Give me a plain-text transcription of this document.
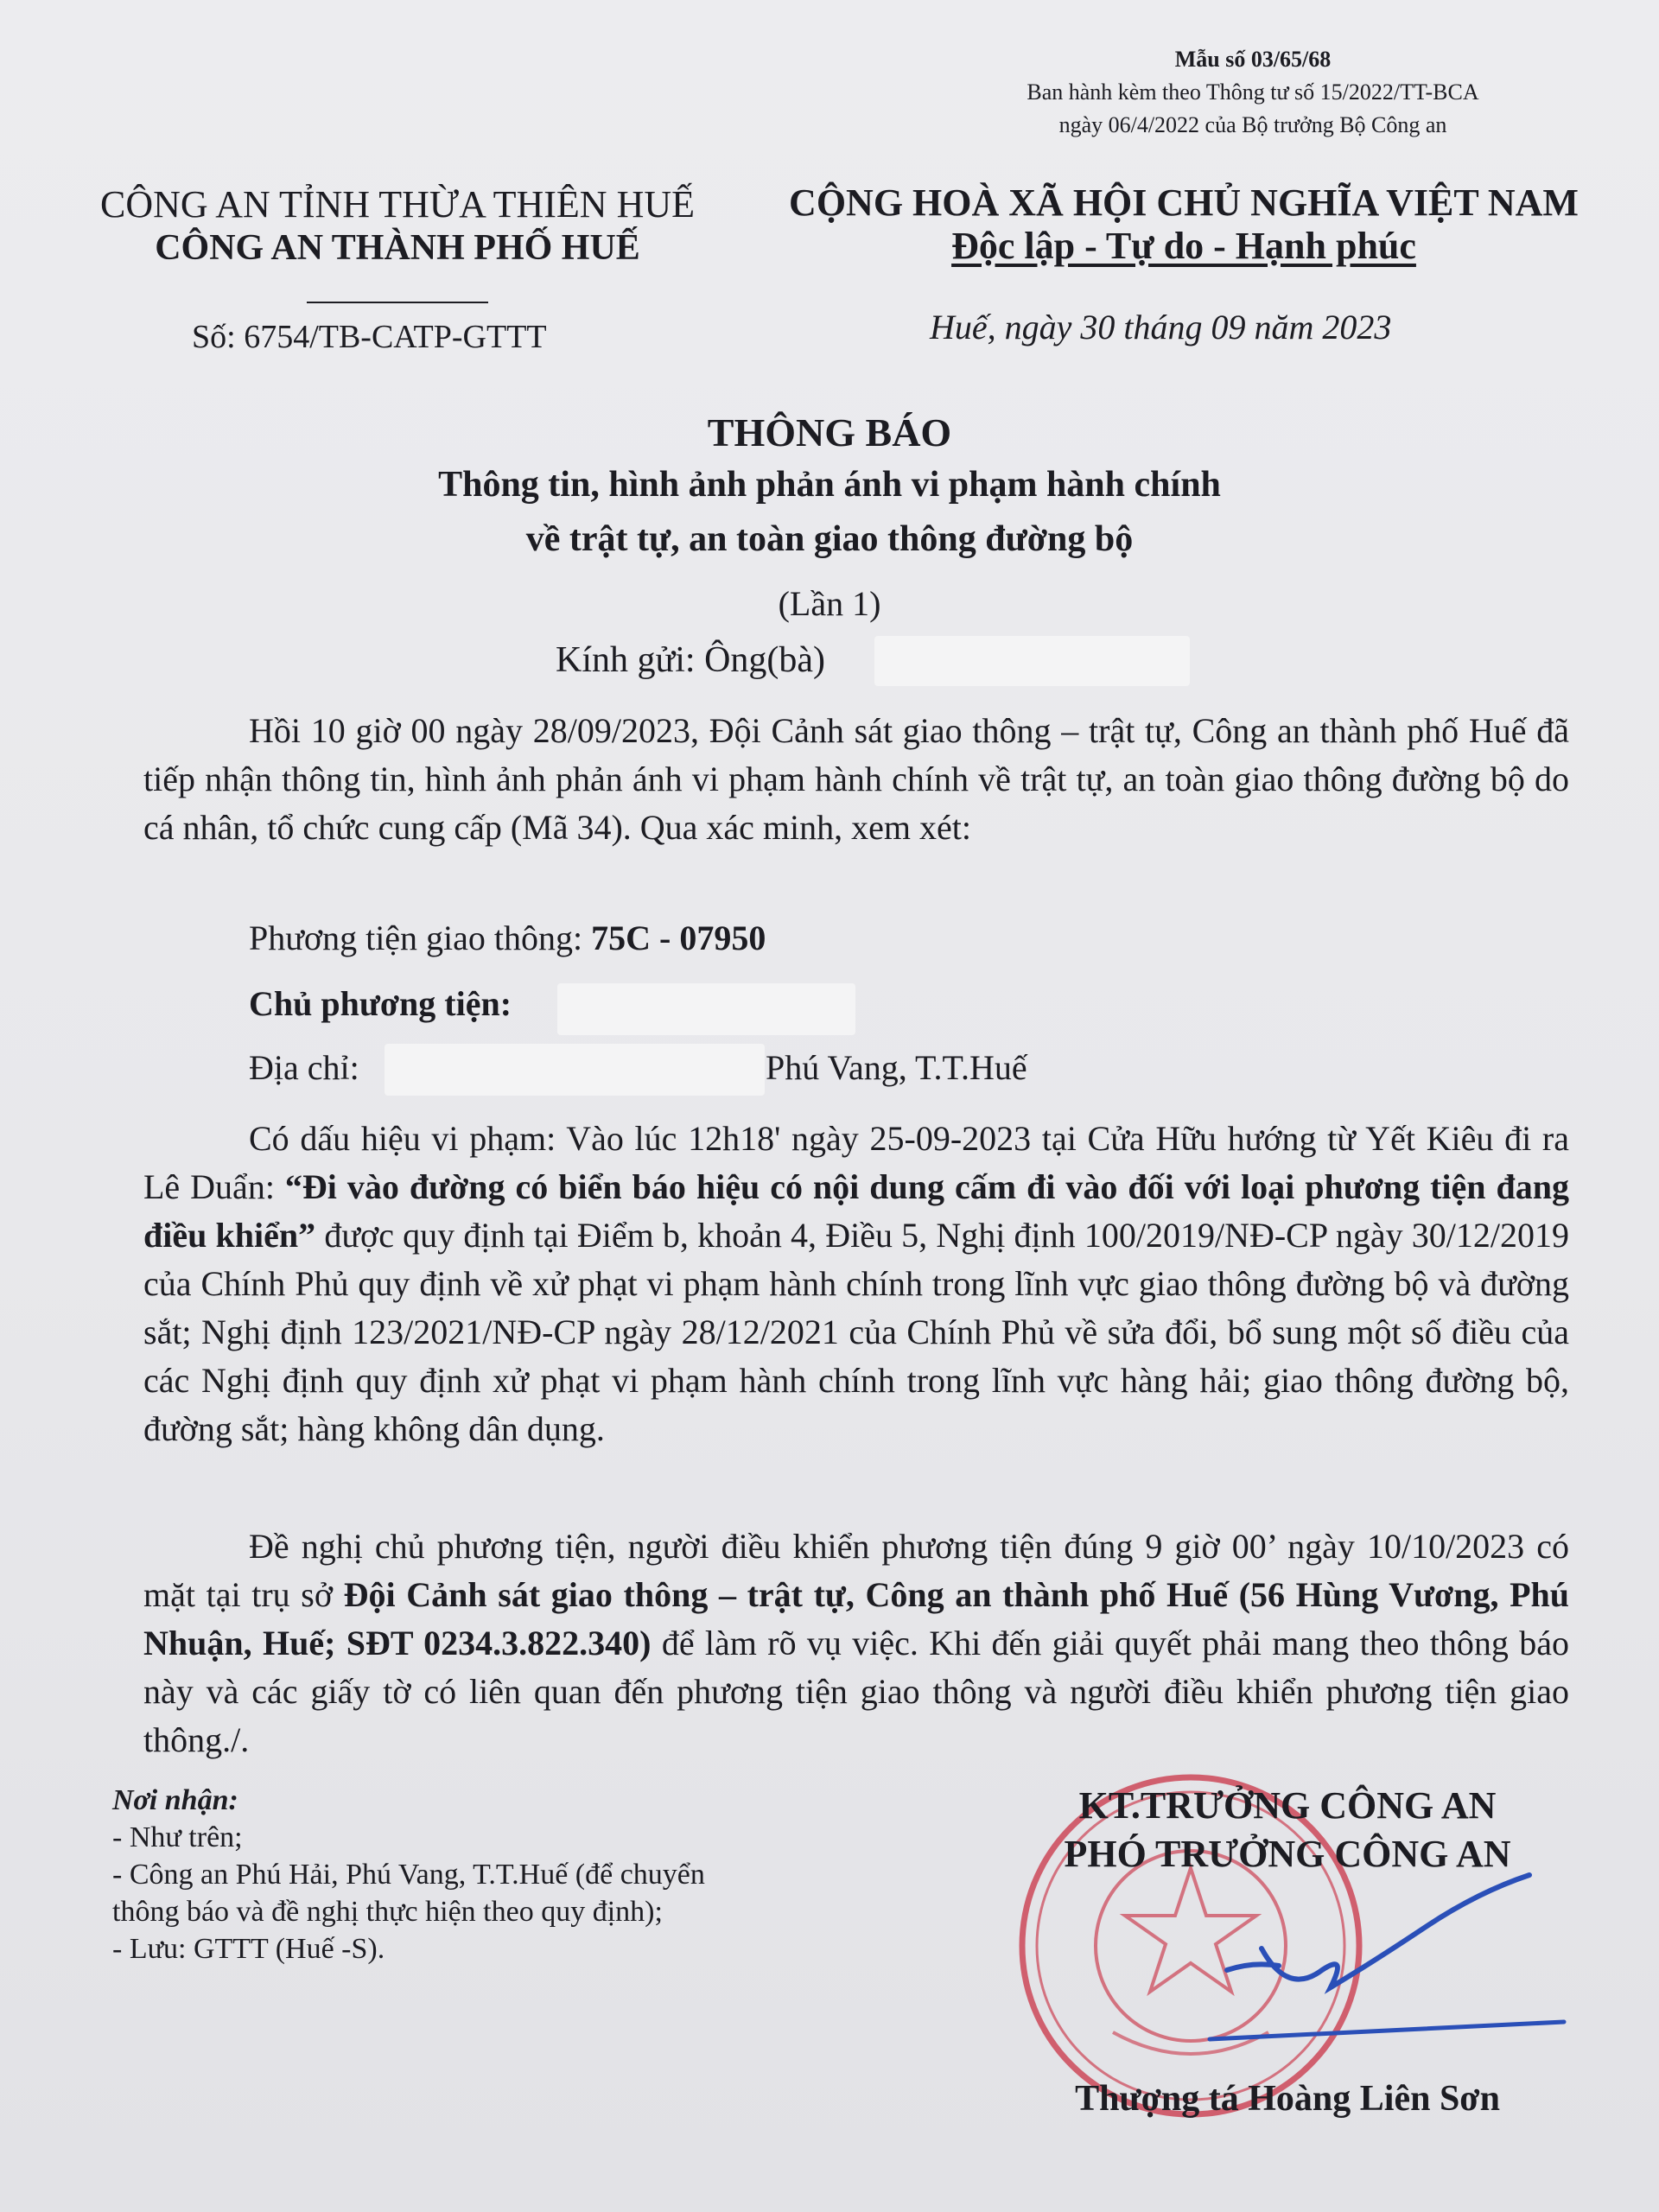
Mẫu số 03/65/68
Ban hành kèm theo Thông tư số 15/2022/TT-BCA
ngày 06/4/2022 của Bộ trưởng Bộ Công an
CÔNG AN TỈNH THỪA THIÊN HUẾ
CÔNG AN THÀNH PHỐ HUẾ
CỘNG HOÀ XÃ HỘI CHỦ NGHĨA VIỆT NAM
Độc lập - Tự do - Hạnh phúc
Số: 6754/TB-CATP-GTTT	Huế, ngày 30 tháng 09 năm 2023
THÔNG BÁO
Thông tin, hình ảnh phản ánh vi phạm hành chính
về trật tự, an toàn giao thông đường bộ
(Lần 1)
Kính gửi: Ông(bà)
Hồi 10 giờ 00 ngày 28/09/2023, Đội Cảnh sát giao thông – trật tự, Công an thành phố Huế đã tiếp nhận thông tin, hình ảnh phản ánh vi phạm hành chính về trật tự, an toàn giao thông đường bộ do cá nhân, tổ chức cung cấp (Mã 34). Qua xác minh, xem xét:
Phương tiện giao thông: 75C - 07950
Chủ phương tiện:
Địa chỉ:	Phú Vang, T.T.Huế
Có dấu hiệu vi phạm: Vào lúc 12h18' ngày 25-09-2023 tại Cửa Hữu hướng từ Yết Kiêu đi ra Lê Duẩn: “Đi vào đường có biển báo hiệu có nội dung cấm đi vào đối với loại phương tiện đang điều khiển” được quy định tại Điểm b, khoản 4, Điều 5, Nghị định 100/2019/NĐ-CP ngày 30/12/2019 của Chính Phủ quy định về xử phạt vi phạm hành chính trong lĩnh vực giao thông đường bộ và đường sắt; Nghị định 123/2021/NĐ-CP ngày 28/12/2021 của Chính Phủ về sửa đổi, bổ sung một số điều của các Nghị định quy định xử phạt vi phạm hành chính trong lĩnh vực hàng hải; giao thông đường bộ, đường sắt; hàng không dân dụng.
Đề nghị chủ phương tiện, người điều khiển phương tiện đúng 9 giờ 00’ ngày 10/10/2023 có mặt tại trụ sở Đội Cảnh sát giao thông – trật tự, Công an thành phố Huế (56 Hùng Vương, Phú Nhuận, Huế; SĐT 0234.3.822.340) để làm rõ vụ việc. Khi đến giải quyết phải mang theo thông báo này và các giấy tờ có liên quan đến phương tiện giao thông và người điều khiển phương tiện giao thông./.
Nơi nhận:
- Như trên;
- Công an Phú Hải, Phú Vang, T.T.Huế (để chuyển
thông báo và đề nghị thực hiện theo quy định);
- Lưu: GTTT (Huế -S).
KT.TRƯỞNG CÔNG AN
PHÓ TRƯỞNG CÔNG AN
Thượng tá Hoàng Liên Sơn
